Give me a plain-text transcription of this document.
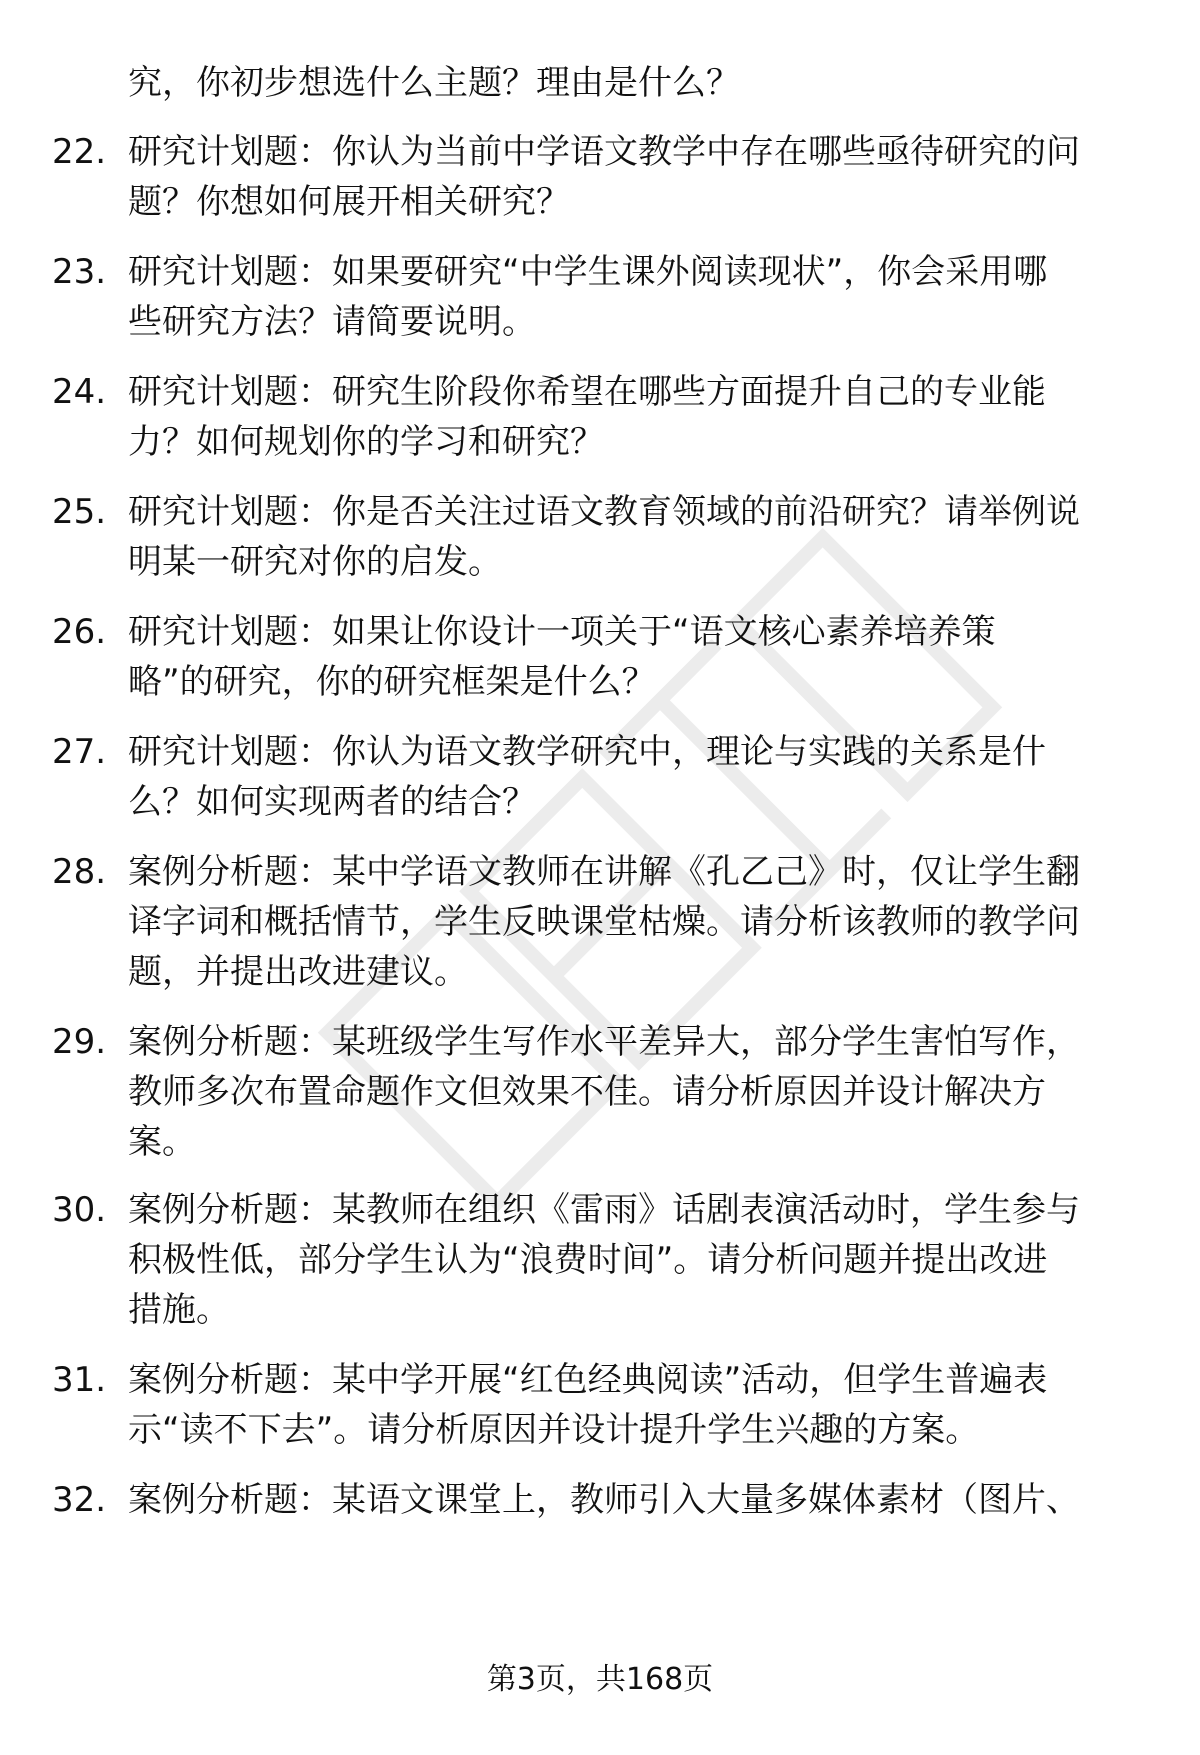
究，你初步想选什么主题？理由是什么？
22. 研究计划题：你认为当前中学语文教学中存在哪些亟待研究的问
题？你想如何展开相关研究？
23. 研究计划题：如果要研究“中学生课外阅读现状”，你会采用哪
些研究方法？请简要说明。
24. 研究计划题：研究生阶段你希望在哪些方面提升自己的专业能
力？如何规划你的学习和研究？
25. 研究计划题：你是否关注过语文教育领域的前沿研究？请举例说
明某一研究对你的启发。
26. 研究计划题：如果让你设计一项关于“语文核心素养培养策
略”的研究，你的研究框架是什么？
27. 研究计划题：你认为语文教学研究中，理论与实践的关系是什
么？如何实现两者的结合？
28. 案例分析题：某中学语文教师在讲解《孔乙己》时，仅让学生翻
译字词和概括情节，学生反映课堂枯燥。请分析该教师的教学问
题，并提出改进建议。
29. 案例分析题：某班级学生写作水平差异大，部分学生害怕写作，
教师多次布置命题作文但效果不佳。请分析原因并设计解决方
案。
30. 案例分析题：某教师在组织《雷雨》话剧表演活动时，学生参与
积极性低，部分学生认为“浪费时间”。请分析问题并提出改进
措施。
31. 案例分析题：某中学开展“红色经典阅读”活动，但学生普遍表
示“读不下去”。请分析原因并设计提升学生兴趣的方案。
32. 案例分析题：某语文课堂上，教师引入大量多媒体素材（图片、
第3页，共168页
